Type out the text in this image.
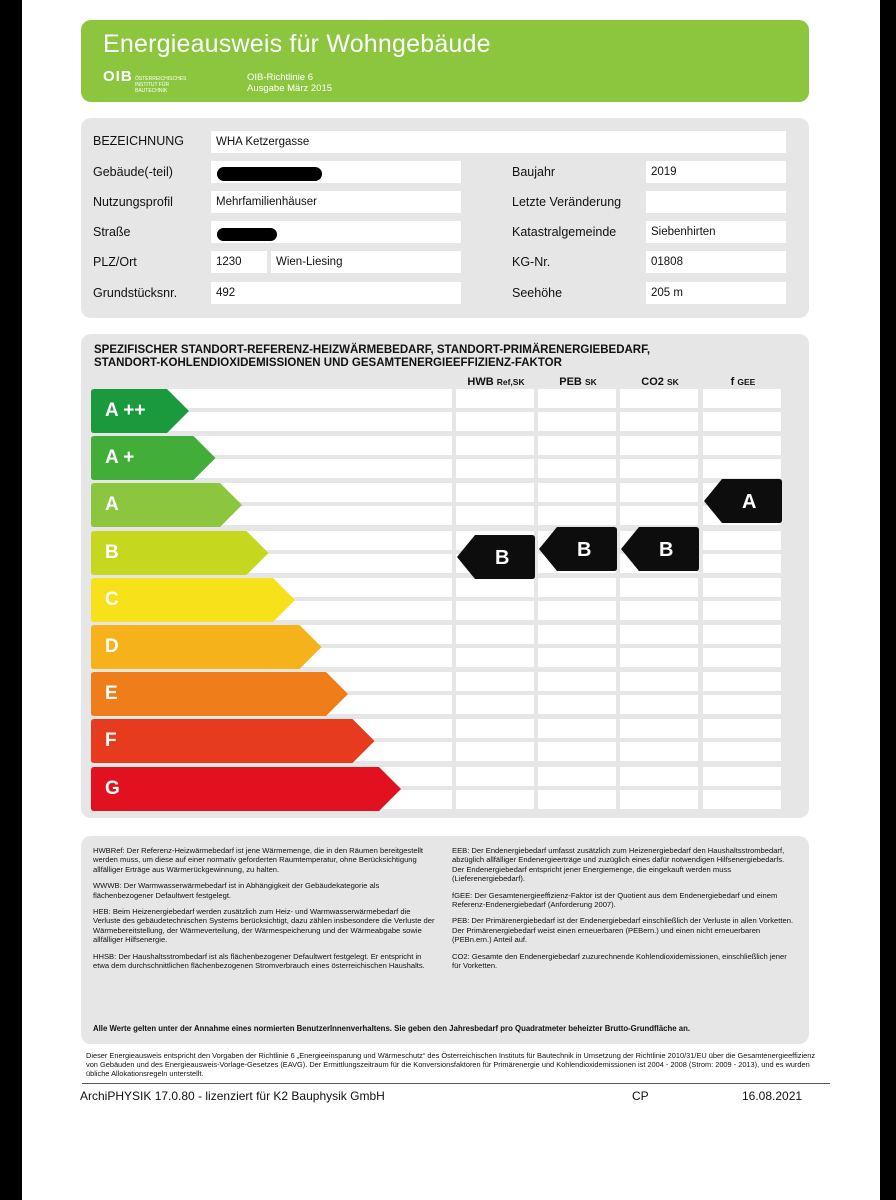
Energieausweis für Wohngebäude
OIB ÖSTERREICHISCHES INSTITUT FÜR BAUTECHNIK
OIB-Richtlinie 6
Ausgabe März 2015
BEZEICHNUNG	WHA Ketzergasse
Gebäude(-teil)
Nutzungsprofil	Mehrfamilienhäuser
Straße
PLZ/Ort	1230	Wien-Liesing
Grundstücksnr.	492
Baujahr	2019
Letzte Veränderung
Katastralgemeinde	Siebenhirten
KG-Nr.	01808
Seehöhe	205 m
SPEZIFISCHER STANDORT-REFERENZ-HEIZWÄRMEBEDARF, STANDORT-PRIMÄRENERGIEBEDARF,
STANDORT-KOHLENDIOXIDEMISSIONEN UND GESAMTENERGIEEFFIZIENZ-FAKTOR
HWB Ref,SK	PEB SK	CO2 SK	f GEE
A ++
A +
A
B
C
D
E
F
G
B	B	B
A

HWBRef: Der Referenz-Heizwärmebedarf ist jene Wärmemenge, die in den Räumen bereitgestellt werden muss, um diese auf einer normativ geforderten Raumtemperatur, ohne Berücksichtigung allfälliger Erträge aus Wärmerückgewinnung, zu halten.

WWWB: Der Warmwasserwärmebedarf ist in Abhängigkeit der Gebäudekategorie als flächenbezogener Defaultwert festgelegt.

HEB: Beim Heizenergiebedarf werden zusätzlich zum Heiz- und Warmwasserwärmebedarf die Verluste des gebäudetechnischen Systems berücksichtigt, dazu zählen insbesondere die Verluste der Wärmebereitstellung, der Wärmeverteilung, der Wärmespeicherung und der Wärmeabgabe sowie allfälliger Hilfsenergie.

HHSB: Der Haushaltsstrombedarf ist als flächenbezogener Defaultwert festgelegt. Er entspricht in etwa dem durchschnittlichen flächenbezogenen Stromverbrauch eines österreichischen Haushalts.

EEB: Der Endenergiebedarf umfasst zusätzlich zum Heizenergiebedarf den Haushaltsstrombedarf, abzüglich allfälliger Endenergieerträge und zuzüglich eines dafür notwendigen Hilfsenergiebedarfs. Der Endenergiebedarf entspricht jener Energiemenge, die eingekauft werden muss (Lieferenergiebedarf).

fGEE: Der Gesamtenergieeffizienz-Faktor ist der Quotient aus dem Endenergiebedarf und einem Referenz-Endenergiebedarf (Anforderung 2007).

PEB: Der Primärenergiebedarf ist der Endenergiebedarf einschließlich der Verluste in allen Vorketten. Der Primärenergiebedarf weist einen erneuerbaren (PEBern.) und einen nicht erneuerbaren (PEBn.ern.) Anteil auf.

CO2: Gesamte den Endenergiebedarf zuzurechnende Kohlendioxidemissionen, einschließlich jener für Vorketten.

Alle Werte gelten unter der Annahme eines normierten BenutzerInnenverhaltens. Sie geben den Jahresbedarf pro Quadratmeter beheizter Brutto-Grundfläche an.
Dieser Energieausweis entspricht den Vorgaben der Richtlinie 6 „Energieeinsparung und Wärmeschutz“ des Österreichischen Instituts für Bautechnik in Umsetzung der Richtlinie 2010/31/EU über die Gesamtenergieeffizienz von Gebäuden und des Energieausweis-Vorlage-Gesetzes (EAVG). Der Ermittlungszeitraum für die Konversionsfaktoren für Primärenergie und Kohlendioxidemissionen ist 2004 - 2008 (Strom: 2009 - 2013), und es wurden übliche Allokationsregeln unterstellt.
ArchiPHYSIK 17.0.80 - lizenziert für K2 Bauphysik GmbH	CP	16.08.2021
